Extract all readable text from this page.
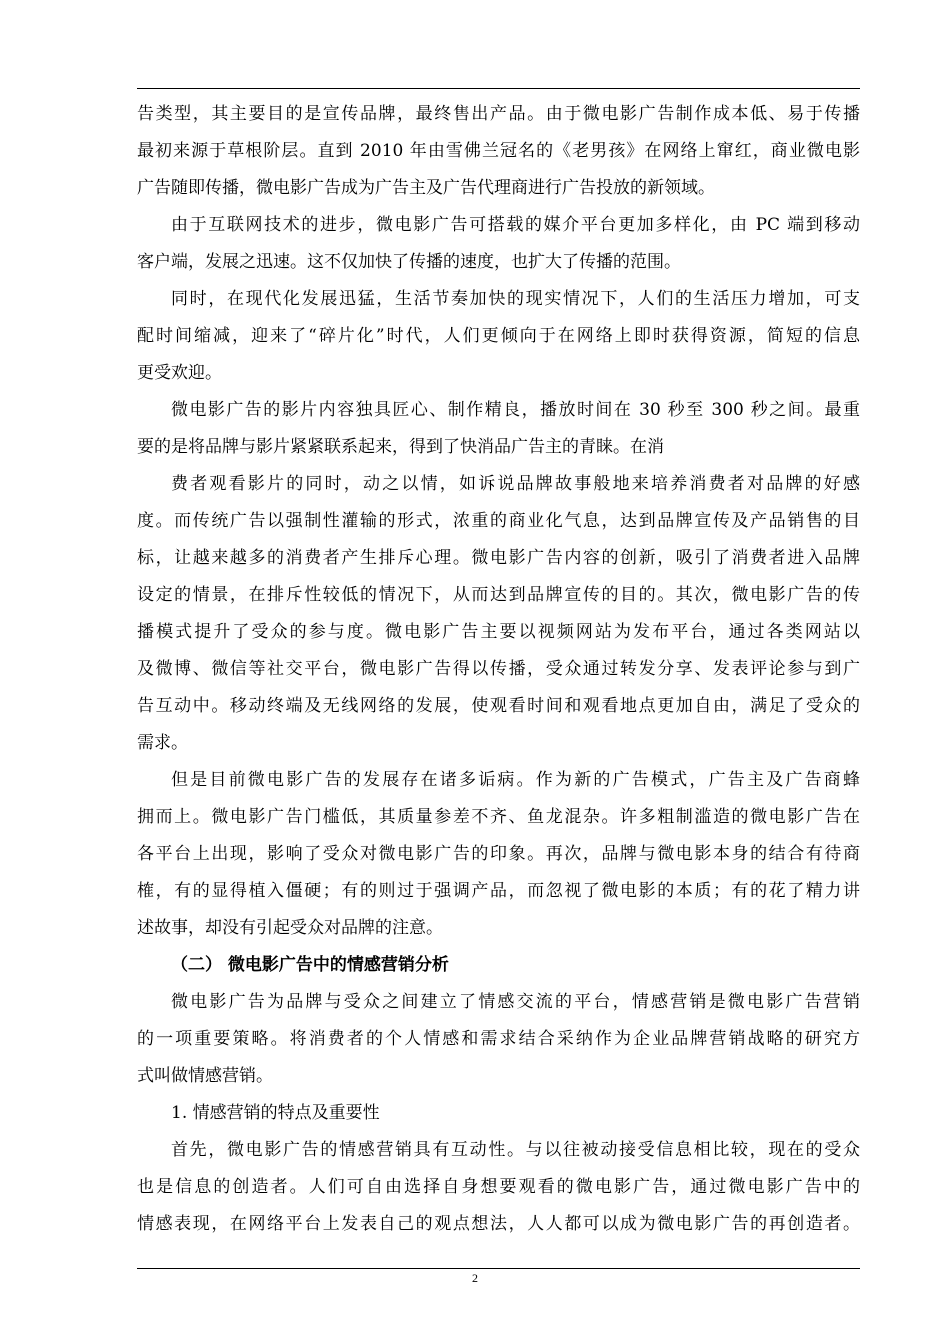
告类型，其主要目的是宣传品牌，最终售出产品。由于微电影广告制作成本低、易于传播
最初来源于草根阶层。直到 2010 年由雪佛兰冠名的《老男孩》在网络上窜红，商业微电影
广告随即传播，微电影广告成为广告主及广告代理商进行广告投放的新领域。
由于互联网技术的进步，微电影广告可搭载的媒介平台更加多样化，由 PC 端到移动
客户端，发展之迅速。这不仅加快了传播的速度，也扩大了传播的范围。
同时，在现代化发展迅猛，生活节奏加快的现实情况下，人们的生活压力增加，可支
配时间缩减，迎来了“碎片化”时代，人们更倾向于在网络上即时获得资源，简短的信息
更受欢迎。
微电影广告的影片内容独具匠心、制作精良，播放时间在 30 秒至 300 秒之间。最重
要的是将品牌与影片紧紧联系起来，得到了快消品广告主的青睐。在消
费者观看影片的同时，动之以情，如诉说品牌故事般地来培养消费者对品牌的好感
度。而传统广告以强制性灌输的形式，浓重的商业化气息，达到品牌宣传及产品销售的目
标，让越来越多的消费者产生排斥心理。微电影广告内容的创新，吸引了消费者进入品牌
设定的情景，在排斥性较低的情况下，从而达到品牌宣传的目的。其次，微电影广告的传
播模式提升了受众的参与度。微电影广告主要以视频网站为发布平台，通过各类网站以
及微博、微信等社交平台，微电影广告得以传播，受众通过转发分享、发表评论参与到广
告互动中。移动终端及无线网络的发展，使观看时间和观看地点更加自由，满足了受众的
需求。
但是目前微电影广告的发展存在诸多诟病。作为新的广告模式，广告主及广告商蜂
拥而上。微电影广告门槛低，其质量参差不齐、鱼龙混杂。许多粗制滥造的微电影广告在
各平台上出现，影响了受众对微电影广告的印象。再次，品牌与微电影本身的结合有待商
榷，有的显得植入僵硬；有的则过于强调产品，而忽视了微电影的本质；有的花了精力讲
述故事，却没有引起受众对品牌的注意。
（二） 微电影广告中的情感营销分析
微电影广告为品牌与受众之间建立了情感交流的平台，情感营销是微电影广告营销
的一项重要策略。将消费者的个人情感和需求结合采纳作为企业品牌营销战略的研究方
式叫做情感营销。
1. 情感营销的特点及重要性
首先，微电影广告的情感营销具有互动性。与以往被动接受信息相比较，现在的受众
也是信息的创造者。人们可自由选择自身想要观看的微电影广告，通过微电影广告中的
情感表现，在网络平台上发表自己的观点想法，人人都可以成为微电影广告的再创造者。
2
